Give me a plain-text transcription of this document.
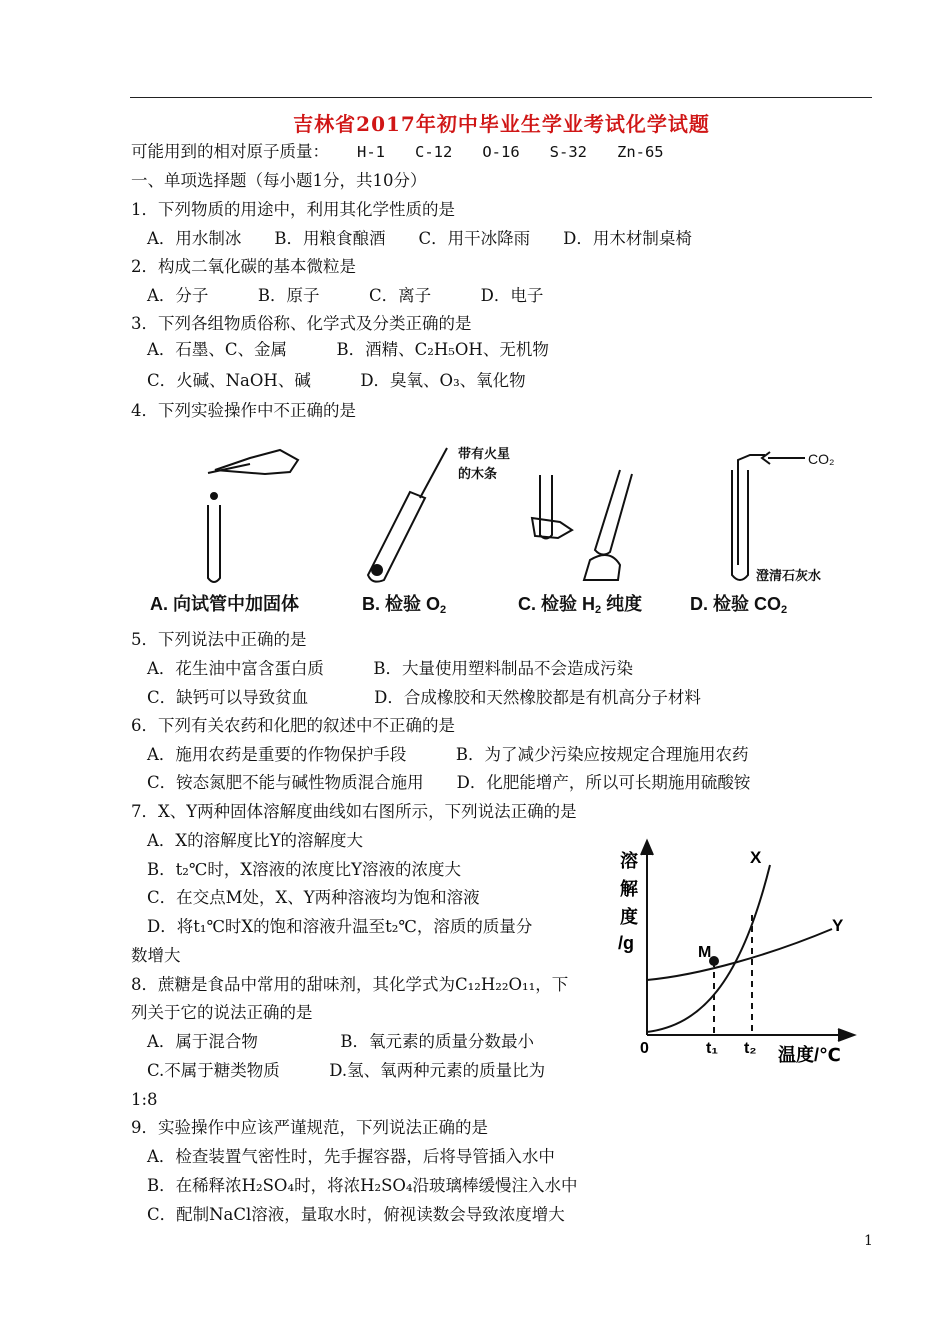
吉林省2017年初中毕业生学业考试化学试题
可能用到的相对原子质量： H-1 C-12 O-16 S-32 Zn-65
一、单项选择题（每小题1分，共10分）
1．下列物质的用途中，利用其化学性质的是
A．用水制冰　　B．用粮食酿酒　　C．用干冰降雨　　D．用木材制桌椅
2．构成二氧化碳的基本微粒是
A．分子　　　B．原子　　　C．离子　　　D．电子
3．下列各组物质俗称、化学式及分类正确的是
A．石墨、C、金属　　　B．酒精、C₂H₅OH、无机物
C．火碱、NaOH、碱　　　D．臭氧、O₃、氧化物
4．下列实验操作中不正确的是
带有火星
的木条
CO₂
澄清石灰水
A. 向试管中加固体	B. 检验 O2	C. 检验 H2 纯度	D. 检验 CO2
5．下列说法中正确的是
A．花生油中富含蛋白质　　　B．大量使用塑料制品不会造成污染
C．缺钙可以导致贫血　　　　D．合成橡胶和天然橡胶都是有机高分子材料
6．下列有关农药和化肥的叙述中不正确的是
A．施用农药是重要的作物保护手段　　　B．为了减少污染应按规定合理施用农药
C．铵态氮肥不能与碱性物质混合施用　　D．化肥能增产，所以可长期施用硫酸铵
7．X、Y两种固体溶解度曲线如右图所示，下列说法正确的是
A．X的溶解度比Y的溶解度大
B．t₂℃时，X溶液的浓度比Y溶液的浓度大
C．在交点M处，X、Y两种溶液均为饱和溶液
D．将t₁℃时X的饱和溶液升温至t₂℃，溶质的质量分
数增大
8．蔗糖是食品中常用的甜味剂，其化学式为C₁₂H₂₂O₁₁，下
列关于它的说法正确的是
A．属于混合物　　　　　B．氧元素的质量分数最小
C.不属于糖类物质　　　D.氢、氧两种元素的质量比为
1:8
9．实验操作中应该严谨规范，下列说法正确的是
A．检查装置气密性时，先手握容器，后将导管插入水中
B．在稀释浓H₂SO₄时，将浓H₂SO₄沿玻璃棒缓慢注入水中
C．配制NaCl溶液，量取水时，俯视读数会导致浓度增大
溶
解
度
/g
X
Y
M
0	t₁ t₂ 温度/℃
1
